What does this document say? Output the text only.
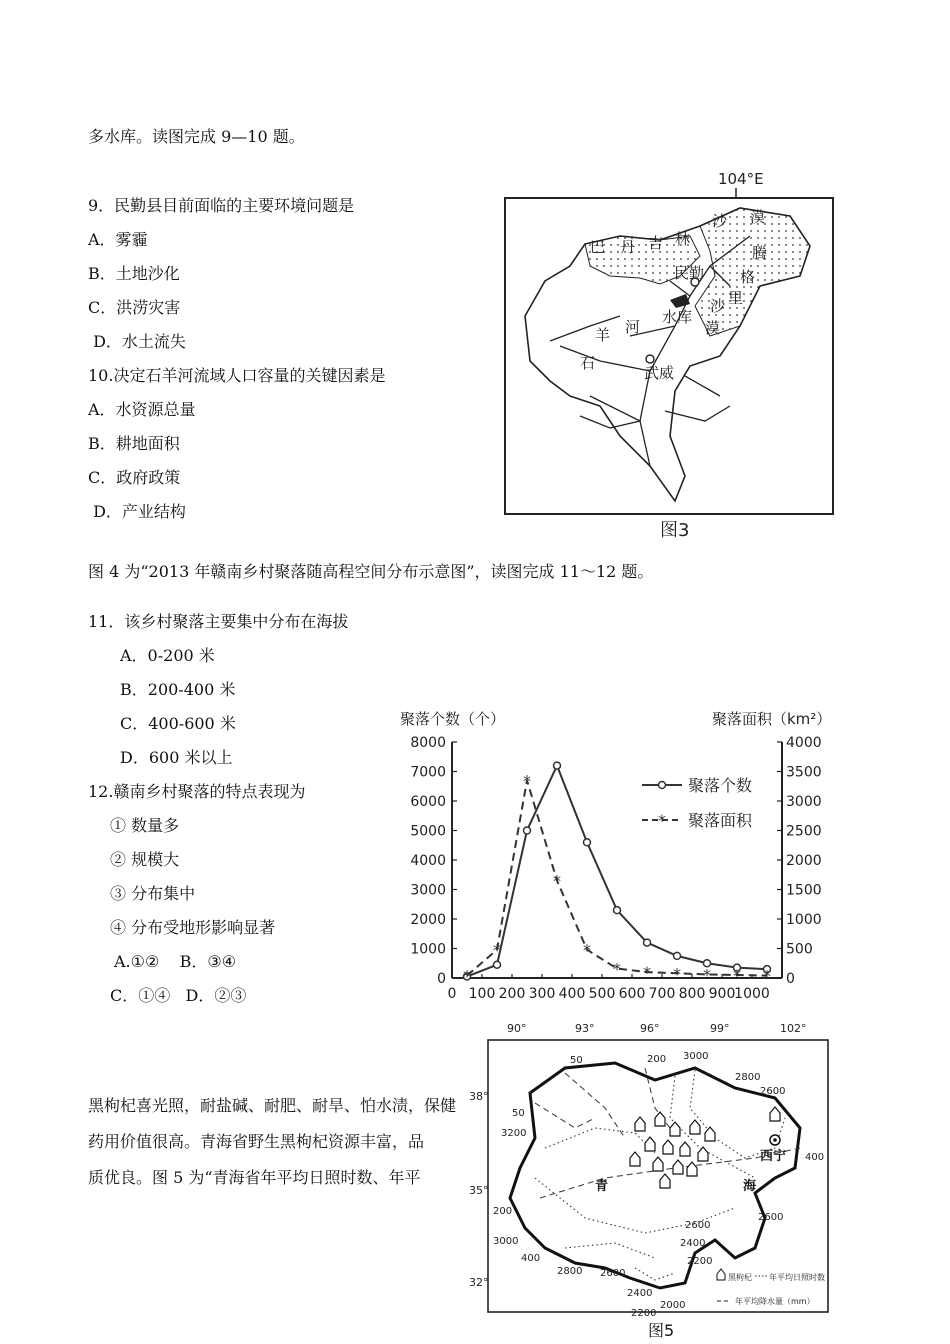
多水库。读图完成 9—10 题。
9．民勤县目前面临的主要环境问题是
A．雾霾
B．土地沙化
C．洪涝灾害
D．水土流失
10.决定石羊河流域人口容量的关键因素是
A．水资源总量
B．耕地面积
C．政府政策
D．产业结构
104°E
巴 丹 吉 林
沙 漠
腾
格
里
沙
漠
民勤
水库
武威
石
羊 河
图3
图 4 为“2013 年赣南乡村聚落随高程空间分布示意图”，读图完成 11～12 题。
11．该乡村聚落主要集中分布在海拔
A．0-200 米
B．200-400 米
C．400-600 米
D．600 米以上
12.赣南乡村聚落的特点表现为
① 数量多
② 规模大
③ 分布集中
④ 分布受地形影响显著
A.①②    B．③④
C．①④   D．②③
聚落个数（个）	聚落面积（km²）
0
1000
2000
3000
4000
5000
6000
7000
8000
0
500
1000
1500
2000
2500
3000
3500
4000
0 100 200 300 400 500 600 700 800 900
1000
*
*
*
*
*
* * * * * *
聚落个数
* 聚落面积
黑枸杞喜光照，耐盐碱、耐肥、耐旱、怕水渍，保健
药用价值很高。青海省野生黑枸杞资源丰富，品
质优良。图 5 为“青海省年平均日照时数、年平
90°	93°	96°	99°	102°
38°
35°
32°
青	海
西宁
50	200 3000
2800
2600
50
3200
400
200
3000
400
2800 2600
2400
2200
2400
2600
2200
2000
2600
黑枸杞 年平均日照时数
年平均降水量（mm）
图5
